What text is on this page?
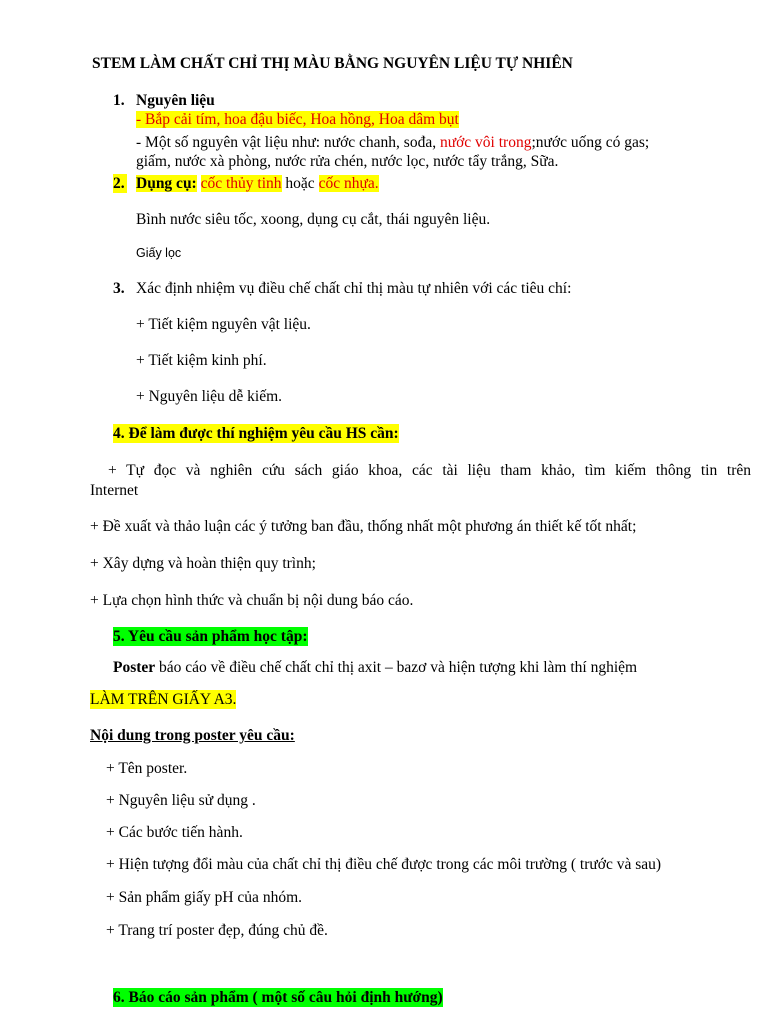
STEM LÀM CHẤT CHỈ THỊ MÀU BẰNG NGUYÊN LIỆU TỰ NHIÊN
1. Nguyên liệu
- Bắp cải tím, hoa đậu biếc, Hoa hồng, Hoa dâm bụt
- Một số nguyên vật liệu như: nước chanh, sođa, nước vôi trong;nước uống có gas;
giấm, nước xà phòng, nước rửa chén, nước lọc, nước tẩy trắng, Sữa.
2. Dụng cụ: cốc thủy tinh hoặc cốc nhựa.
Bình nước siêu tốc, xoong, dụng cụ cắt, thái nguyên liệu.
Giấy lọc
3. Xác định nhiệm vụ điều chế chất chỉ thị màu tự nhiên với các tiêu chí:
+ Tiết kiệm nguyên vật liệu.
+ Tiết kiệm kinh phí.
+ Nguyên liệu dễ kiếm.
4. Để làm được thí nghiệm yêu cầu HS cần:
+ Tự đọc và nghiên cứu sách giáo khoa, các tài liệu tham khảo, tìm kiếm thông tin trên
Internet
+ Đề xuất và thảo luận các ý tưởng ban đầu, thống nhất một phương án thiết kế tốt nhất;
+ Xây dựng và hoàn thiện quy trình;
+ Lựa chọn hình thức và chuẩn bị nội dung báo cáo.
5. Yêu cầu sản phẩm học tập:
Poster báo cáo về điều chế chất chỉ thị axit – bazơ và hiện tượng khi làm thí nghiệm
LÀM TRÊN GIẤY A3.
Nội dung trong poster yêu cầu:
+ Tên poster.
+ Nguyên liệu sử dụng .
+ Các bước tiến hành.
+ Hiện tượng đổi màu của chất chỉ thị điều chế được trong các môi trường ( trước và sau)
+ Sản phẩm giấy pH của nhóm.
+ Trang trí poster đẹp, đúng chủ đề.
6. Báo cáo sản phẩm ( một số câu hỏi định hướng)
